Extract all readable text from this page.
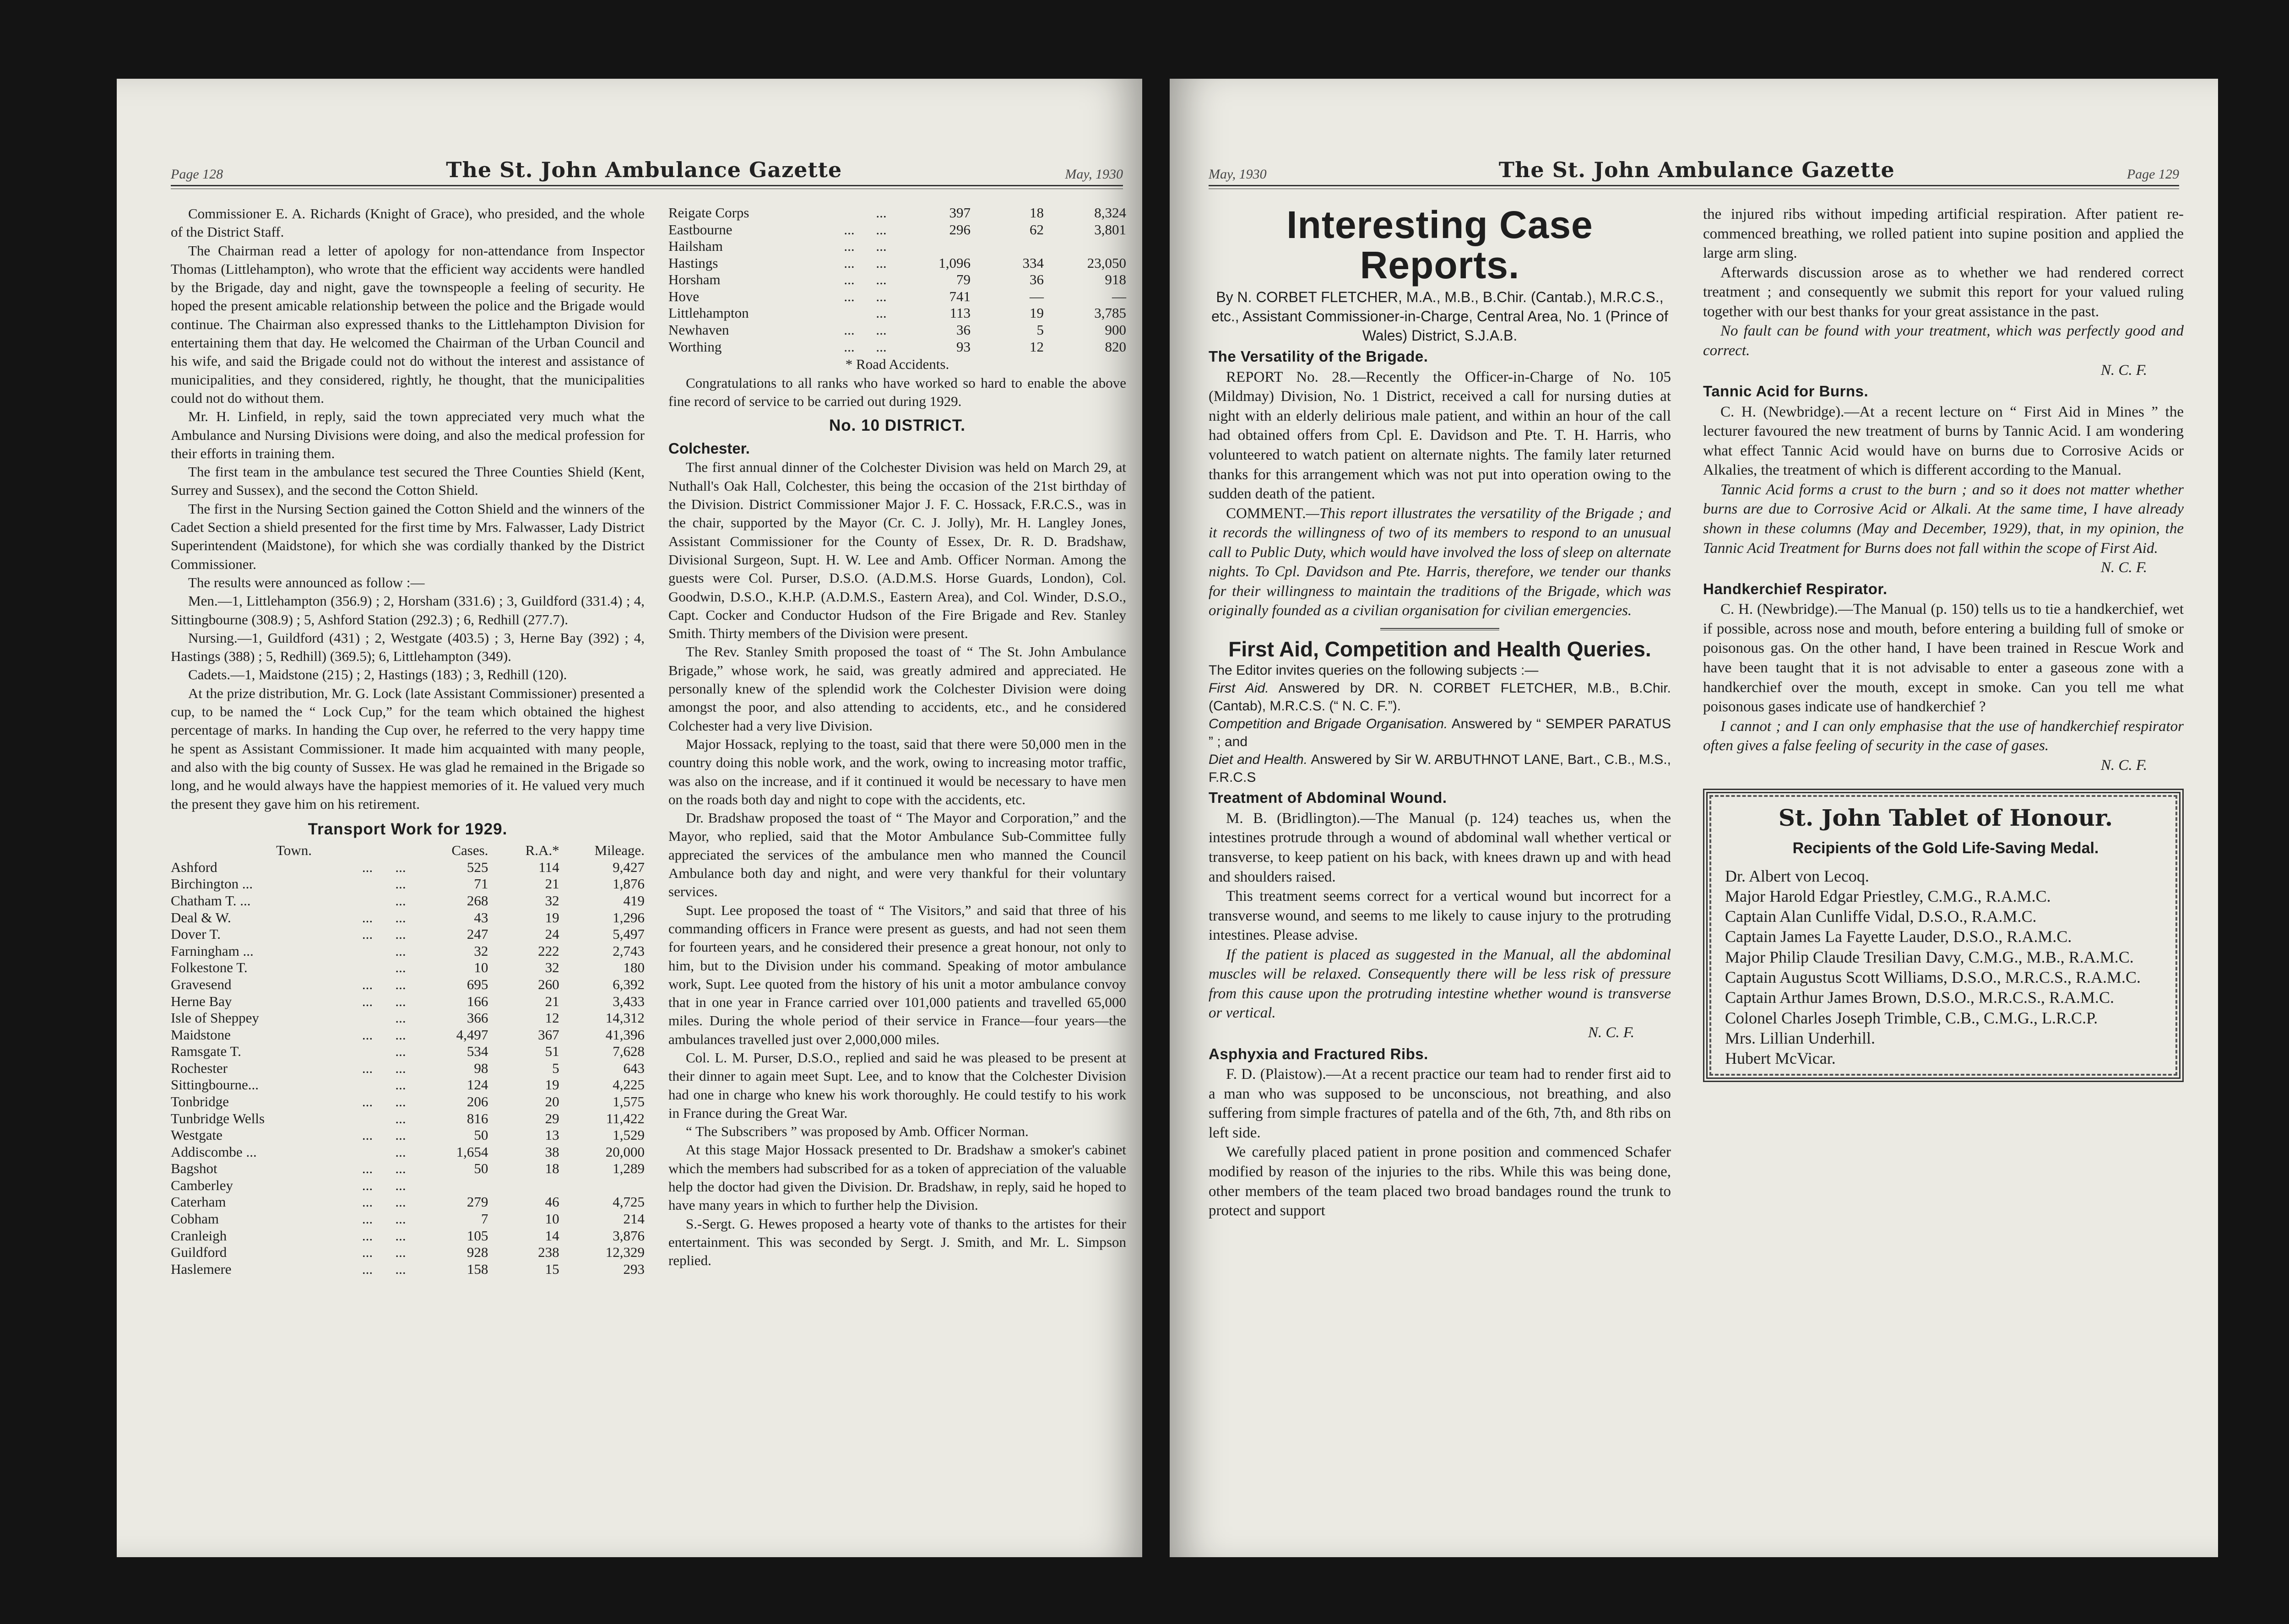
Page 128	The St. John Ambulance Gazette	May, 1930

Commissioner E. A. Richards (Knight of Grace), who presided, and the whole of the District Staff.

The Chairman read a letter of apology for non-attendance from Inspector Thomas (Littlehampton), who wrote that the efficient way accidents were handled by the Brigade, day and night, gave the townspeople a feeling of security. He hoped the present amicable relationship between the police and the Brigade would continue. The Chairman also expressed thanks to the Littlehampton Division for entertaining them that day. He welcomed the Chairman of the Urban Council and his wife, and said the Brigade could not do without the interest and assistance of municipalities, and they considered, rightly, he thought, that the municipalities could not do without them.

Mr. H. Linfield, in reply, said the town appreciated very much what the Ambulance and Nursing Divisions were doing, and also the medical profession for their efforts in training them.

The first team in the ambulance test secured the Three Counties Shield (Kent, Surrey and Sussex), and the second the Cotton Shield.

The first in the Nursing Section gained the Cotton Shield and the winners of the Cadet Section a shield presented for the first time by Mrs. Falwasser, Lady District Superintendent (Maidstone), for which she was cordially thanked by the District Commissioner.

The results were announced as follow :—

Men.—1, Littlehampton (356.9) ; 2, Horsham (331.6) ; 3, Guildford (331.4) ; 4, Sittingbourne (308.9) ; 5, Ashford Station (292.3) ; 6, Redhill (277.7).

Nursing.—1, Guildford (431) ; 2, Westgate (403.5) ; 3, Herne Bay (392) ; 4, Hastings (388) ; 5, Redhill) (369.5); 6, Littlehampton (349).

Cadets.—1, Maidstone (215) ; 2, Hastings (183) ; 3, Redhill (120).

At the prize distribution, Mr. G. Lock (late Assistant Commissioner) presented a cup, to be named the “ Lock Cup,” for the team which obtained the highest percentage of marks. In handing the Cup over, he referred to the very happy time he spent as Assistant Commissioner. It made him acquainted with many people, and also with the big county of Sussex. He was glad he remained in the Brigade so long, and he would always have the happiest memories of it. He valued very much the present they gave him on his retirement.

Transport Work for 1929.
Town.			Cases.	R.A.*	Mileage.
Ashford	...	...	525	114	9,427
Birchington ...		...	71	21	1,876
Chatham T. ...		...	268	32	419
Deal & W.	...	...	43	19	1,296
Dover T.	...	...	247	24	5,497
Farningham ...		...	32	222	2,743
Folkestone T.		...	10	32	180
Gravesend	...	...	695	260	6,392
Herne Bay	...	...	166	21	3,433
Isle of Sheppey		...	366	12	14,312
Maidstone	...	...	4,497	367	41,396
Ramsgate T.		...	534	51	7,628
Rochester	...	...	98	5	643
Sittingbourne...		...	124	19	4,225
Tonbridge	...	...	206	20	1,575
Tunbridge Wells		...	816	29	11,422
Westgate	...	...	50	13	1,529
Addiscombe ...		...	1,654	38	20,000
Bagshot	...	...	50	18	1,289
Camberley	...	...			
Caterham	...	...	279	46	4,725
Cobham	...	...	7	10	214
Cranleigh	...	...	105	14	3,876
Guildford	...	...	928	238	12,329
Haslemere	...	...	158	15	293
Reigate Corps		...	397	18	8,324
Eastbourne	...	...	296	62	3,801
Hailsham	...	...			
Hastings	...	...	1,096	334	23,050
Horsham	...	...	79	36	918
Hove	...	...	741	—	—
Littlehampton		...	113	19	3,785
Newhaven	...	...	36	5	900
Worthing	...	...	93	12	820
* Road Accidents.

Congratulations to all ranks who have worked so hard to enable the above fine record of service to be carried out during 1929.

No. 10 DISTRICT.
Colchester.

The first annual dinner of the Colchester Division was held on March 29, at Nuthall's Oak Hall, Colchester, this being the occasion of the 21st birthday of the Division. District Commissioner Major J. F. C. Hossack, F.R.C.S., was in the chair, supported by the Mayor (Cr. C. J. Jolly), Mr. H. Langley Jones, Assistant Commissioner for the County of Essex, Dr. R. D. Bradshaw, Divisional Surgeon, Supt. H. W. Lee and Amb. Officer Norman. Among the guests were Col. Purser, D.S.O. (A.D.M.S. Horse Guards, London), Col. Goodwin, D.S.O., K.H.P. (A.D.M.S., Eastern Area), and Col. Winder, D.S.O., Capt. Cocker and Conductor Hudson of the Fire Brigade and Rev. Stanley Smith. Thirty members of the Division were present.

The Rev. Stanley Smith proposed the toast of “ The St. John Ambulance Brigade,” whose work, he said, was greatly admired and appreciated. He personally knew of the splendid work the Colchester Division were doing amongst the poor, and also attending to accidents, etc., and he considered Colchester had a very live Division.

Major Hossack, replying to the toast, said that there were 50,000 men in the country doing this noble work, and the work, owing to increasing motor traffic, was also on the increase, and if it continued it would be necessary to have men on the roads both day and night to cope with the accidents, etc.

Dr. Bradshaw proposed the toast of “ The Mayor and Corporation,” and the Mayor, who replied, said that the Motor Ambulance Sub-Committee fully appreciated the services of the ambulance men who manned the Council Ambulance both day and night, and were very thankful for their voluntary services.

Supt. Lee proposed the toast of “ The Visitors,” and said that three of his commanding officers in France were present as guests, and had not seen them for fourteen years, and he considered their presence a great honour, not only to him, but to the Division under his command. Speaking of motor ambulance work, Supt. Lee quoted from the history of his unit a motor ambulance convoy that in one year in France carried over 101,000 patients and travelled 65,000 miles. During the whole period of their service in France—four years—the ambulances travelled just over 2,000,000 miles.

Col. L. M. Purser, D.S.O., replied and said he was pleased to be present at their dinner to again meet Supt. Lee, and to know that the Colchester Division had one in charge who knew his work thoroughly. He could testify to his work in France during the Great War.

“ The Subscribers ” was proposed by Amb. Officer Norman.

At this stage Major Hossack presented to Dr. Bradshaw a smoker's cabinet which the members had subscribed for as a token of appreciation of the valuable help the doctor had given the Division. Dr. Bradshaw, in reply, said he hoped to have many years in which to further help the Division.

S.-Sergt. G. Hewes proposed a hearty vote of thanks to the artistes for their entertainment. This was seconded by Sergt. J. Smith, and Mr. L. Simpson replied.

May, 1930	The St. John Ambulance Gazette	Page 129
Interesting Case Reports.
By N. CORBET FLETCHER, M.A., M.B., B.Chir. (Cantab.), M.R.C.S., etc., Assistant Commissioner-in-Charge, Central Area, No. 1 (Prince of Wales) District, S.J.A.B.
The Versatility of the Brigade.

REPORT No. 28.—Recently the Officer-in-Charge of No. 105 (Mildmay) Division, No. 1 District, received a call for nursing duties at night with an elderly delirious male patient, and within an hour of the call had obtained offers from Cpl. E. Davidson and Pte. T. H. Harris, who volunteered to watch patient on alternate nights. The family later returned thanks for this arrangement which was not put into operation owing to the sudden death of the patient.

COMMENT.—This report illustrates the versatility of the Brigade ; and it records the willingness of two of its members to respond to an unusual call to Public Duty, which would have involved the loss of sleep on alternate nights. To Cpl. Davidson and Pte. Harris, therefore, we tender our thanks for their willingness to maintain the traditions of the Brigade, which was originally founded as a civilian organisation for civilian emergencies.

First Aid, Competition and Health Queries.
The Editor invites queries on the following subjects :—
First Aid. Answered by DR. N. CORBET FLETCHER, M.B., B.Chir. (Cantab), M.R.C.S. (“ N. C. F.”).
Competition and Brigade Organisation. Answered by “ SEMPER PARATUS ” ; and
Diet and Health. Answered by Sir W. ARBUTHNOT LANE, Bart., C.B., M.S., F.R.C.S
Treatment of Abdominal Wound.

M. B. (Bridlington).—The Manual (p. 124) teaches us, when the intestines protrude through a wound of abdominal wall whether vertical or transverse, to keep patient on his back, with knees drawn up and with head and shoulders raised.

This treatment seems correct for a vertical wound but incorrect for a transverse wound, and seems to me likely to cause injury to the protruding intestines. Please advise.

If the patient is placed as suggested in the Manual, all the abdominal muscles will be relaxed. Consequently there will be less risk of pressure from this cause upon the protruding intestine whether wound is transverse or vertical.

N. C. F.
Asphyxia and Fractured Ribs.

F. D. (Plaistow).—At a recent practice our team had to render first aid to a man who was supposed to be unconscious, not breathing, and also suffering from simple fractures of patella and of the 6th, 7th, and 8th ribs on left side.

We carefully placed patient in prone position and commenced Schafer modified by reason of the injuries to the ribs. While this was being done, other members of the team placed two broad bandages round the trunk to protect and support

the injured ribs without impeding artificial respiration. After patient re-commenced breathing, we rolled patient into supine position and applied the large arm sling.

Afterwards discussion arose as to whether we had rendered correct treatment ; and consequently we submit this report for your valued ruling together with our best thanks for your great assistance in the past.

No fault can be found with your treatment, which was perfectly good and correct.

N. C. F.
Tannic Acid for Burns.

C. H. (Newbridge).—At a recent lecture on “ First Aid in Mines ” the lecturer favoured the new treatment of burns by Tannic Acid. I am wondering what effect Tannic Acid would have on burns due to Corrosive Acids or Alkalies, the treatment of which is different according to the Manual.

Tannic Acid forms a crust to the burn ; and so it does not matter whether burns are due to Corrosive Acid or Alkali. At the same time, I have already shown in these columns (May and December, 1929), that, in my opinion, the Tannic Acid Treatment for Burns does not fall within the scope of First Aid.

N. C. F.
Handkerchief Respirator.

C. H. (Newbridge).—The Manual (p. 150) tells us to tie a handkerchief, wet if possible, across nose and mouth, before entering a building full of smoke or poisonous gas. On the other hand, I have been trained in Rescue Work and have been taught that it is not advisable to enter a gaseous zone with a handkerchief over the mouth, except in smoke. Can you tell me what poisonous gases indicate use of handkerchief ?

I cannot ; and I can only emphasise that the use of handkerchief respirator often gives a false feeling of security in the case of gases.

N. C. F.
St. John Tablet of Honour.
Recipients of the Gold Life-Saving Medal.
Dr. Albert von Lecoq.
Major Harold Edgar Priestley, C.M.G., R.A.M.C.
Captain Alan Cunliffe Vidal, D.S.O., R.A.M.C.
Captain James La Fayette Lauder, D.S.O., R.A.M.C.
Major Philip Claude Tresilian Davy, C.M.G., M.B., R.A.M.C.
Captain Augustus Scott Williams, D.S.O., M.R.C.S., R.A.M.C.
Captain Arthur James Brown, D.S.O., M.R.C.S., R.A.M.C.
Colonel Charles Joseph Trimble, C.B., C.M.G., L.R.C.P.
Mrs. Lillian Underhill.
Hubert McVicar.
